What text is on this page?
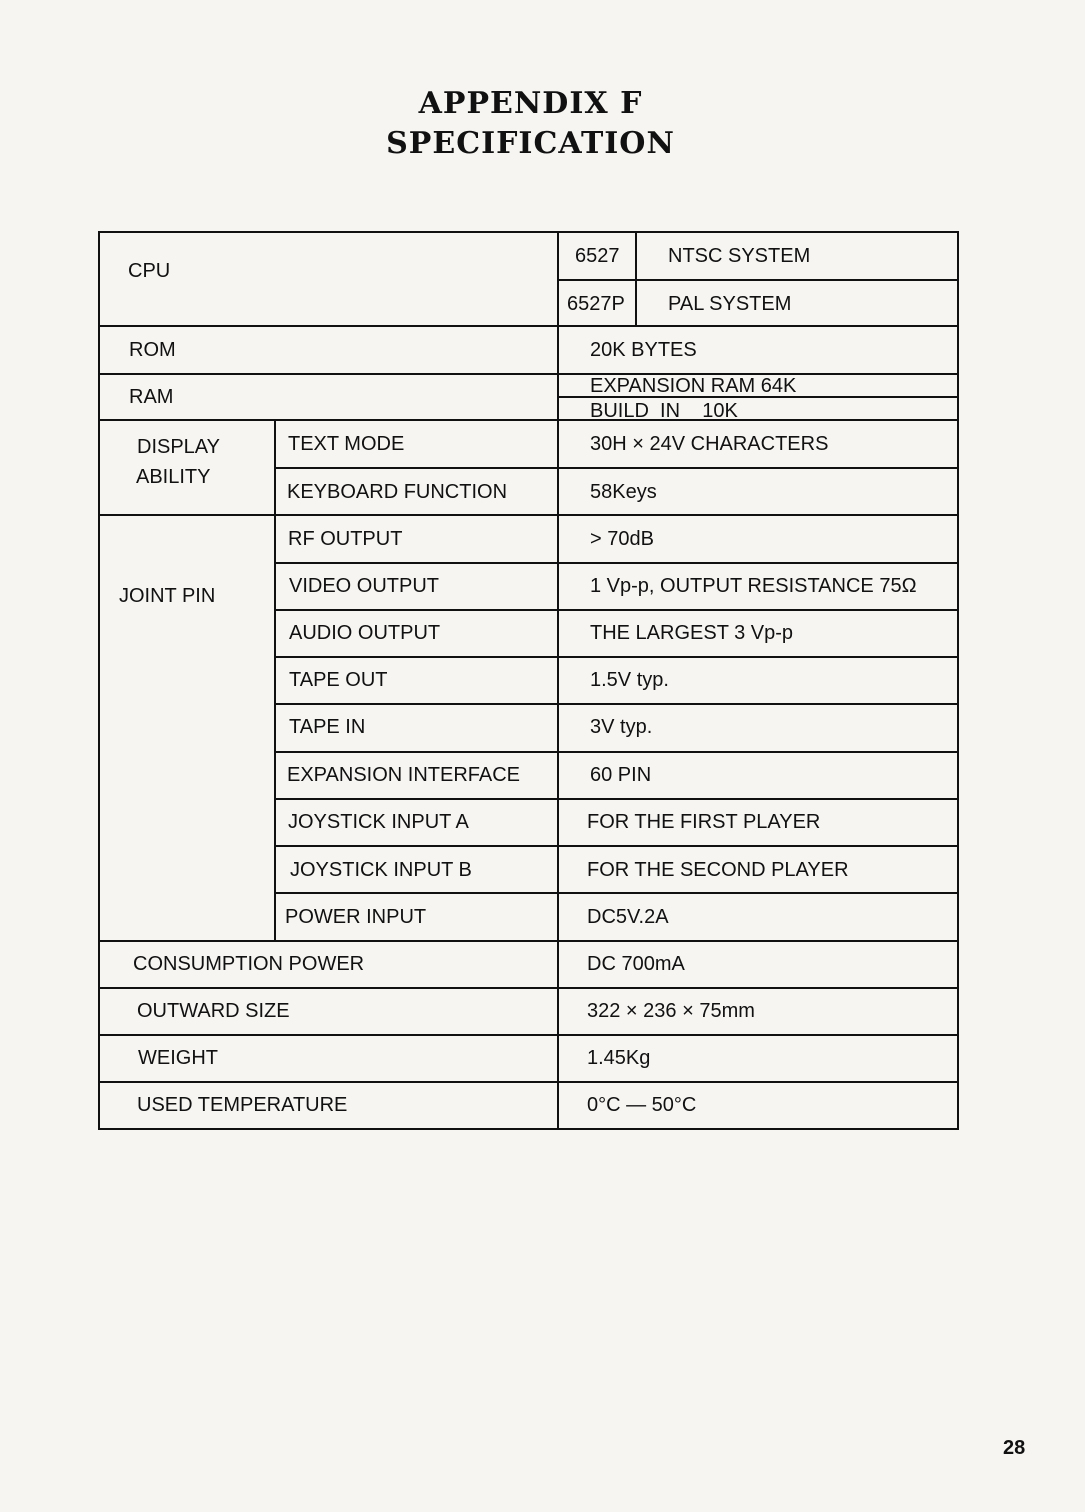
APPENDIX F
SPECIFICATION
CPU
6527 NTSC SYSTEM
6527P PAL SYSTEM
ROM	20K BYTES
RAM	EXPANSION RAM 64K
BUILD  IN    10K
DISPLAY
ABILITY
TEXT MODE	30H × 24V CHARACTERS
KEYBOARD FUNCTION	58Keys
JOINT PIN
RF OUTPUT	> 70dB
VIDEO OUTPUT	1 Vp-p, OUTPUT RESISTANCE 75Ω
AUDIO OUTPUT	THE LARGEST 3 Vp-p
TAPE OUT	1.5V typ.
TAPE IN	3V typ.
EXPANSION INTERFACE	60 PIN
JOYSTICK INPUT A	FOR THE FIRST PLAYER
JOYSTICK INPUT B	FOR THE SECOND PLAYER
POWER INPUT	DC5V.2A
CONSUMPTION POWER	DC 700mA
OUTWARD SIZE	322 × 236 × 75mm
WEIGHT	1.45Kg
USED TEMPERATURE	0°C — 50°C
28
